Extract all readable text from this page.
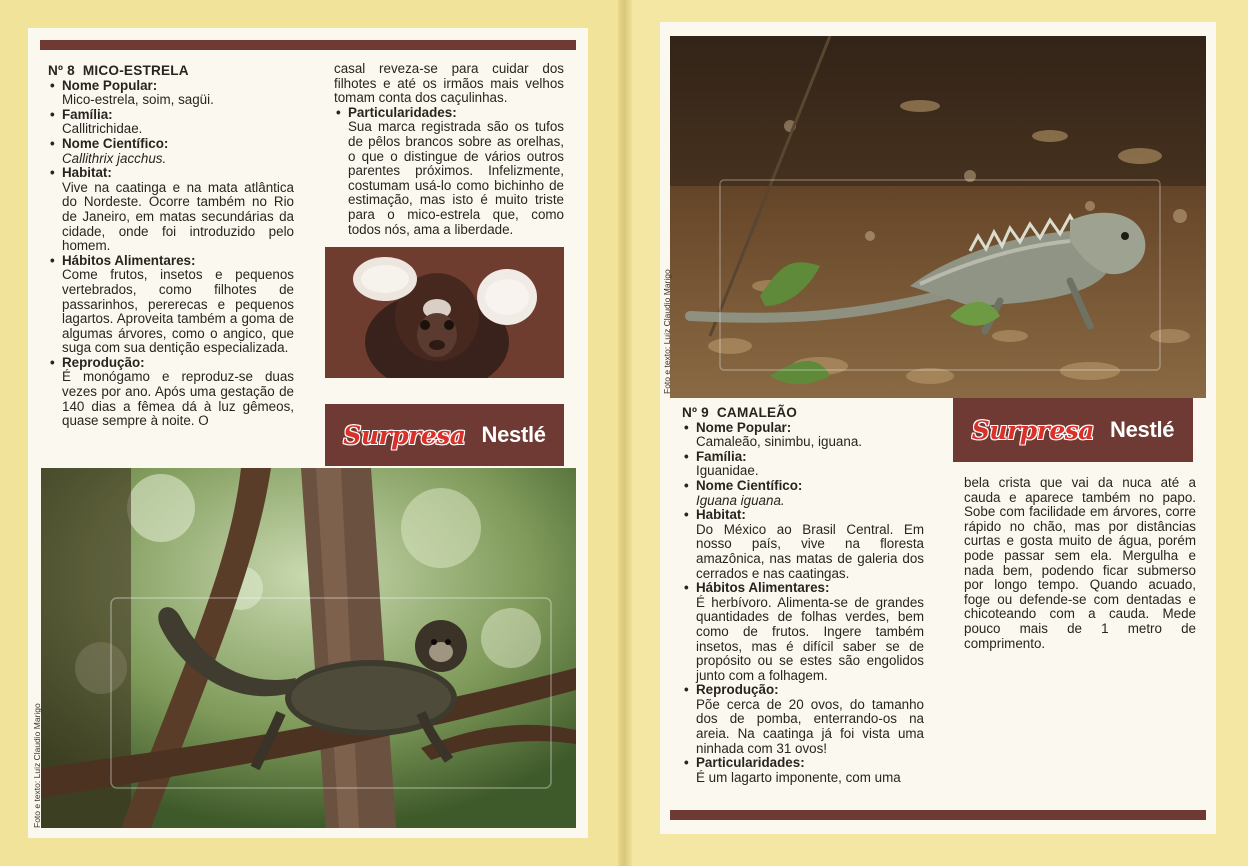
Nº 8 MICO-ESTRELA

• Nome Popular:
Mico-estrela, soim, sagüi.
• Família:
Callitrichidae.
• Nome Científico:
Callithrix jacchus.
• Habitat:
Vive na caatinga e na mata atlântica do Nordeste. Ocorre também no Rio de Janeiro, em matas secundárias da cidade, onde foi introduzido pelo homem.
• Hábitos Alimentares:
Come frutos, insetos e pequenos vertebrados, como filhotes de passarinhos, pererecas e pequenos lagartos. Aproveita também a goma de algumas árvores, como o angico, que suga com sua dentição especializada.
• Reprodução:
É monógamo e reproduz-se duas vezes por ano. Após uma gestação de 140 dias a fêmea dá à luz gêmeos, quase sempre à noite. O
casal reveza-se para cuidar dos filhotes e até os irmãos mais velhos tomam conta dos caçulinhas.
• Particularidades:
Sua marca registrada são os tufos de pêlos brancos sobre as orelhas, o que o distingue de vários outros parentes próximos. Infelizmente, costumam usá-lo como bichinho de estimação, mas isto é muito triste para o mico-estrela que, como todos nós, ama a liberdade.
Surpresa Nestlé
Foto e texto: Luiz Claudio Marigo
Foto e texto: Luiz Claudio Marigo

Nº 9 CAMALEÃO

• Nome Popular:
Camaleão, sinimbu, iguana.
• Família:
Iguanidae.
• Nome Científico:
Iguana iguana.
• Habitat:
Do México ao Brasil Central. Em nosso país, vive na floresta amazônica, nas matas de galeria dos cerrados e nas caatingas.
• Hábitos Alimentares:
É herbívoro. Alimenta-se de grandes quantidades de folhas verdes, bem como de frutos. Ingere também insetos, mas é difícil saber se de propósito ou se estes são engolidos junto com a folhagem.
• Reprodução:
Põe cerca de 20 ovos, do tamanho dos de pomba, enterrando-os na areia. Na caatinga já foi vista uma ninhada com 31 ovos!
• Particularidades:
É um lagarto imponente, com uma
Surpresa Nestlé
bela crista que vai da nuca até a cauda e aparece também no papo. Sobe com facilidade em árvores, corre rápido no chão, mas por distâncias curtas e gosta muito de água, porém pode passar sem ela. Mergulha e nada bem, podendo ficar submerso por longo tempo. Quando acuado, foge ou defende-se com dentadas e chicoteando com a cauda. Mede pouco mais de 1 metro de comprimento.
